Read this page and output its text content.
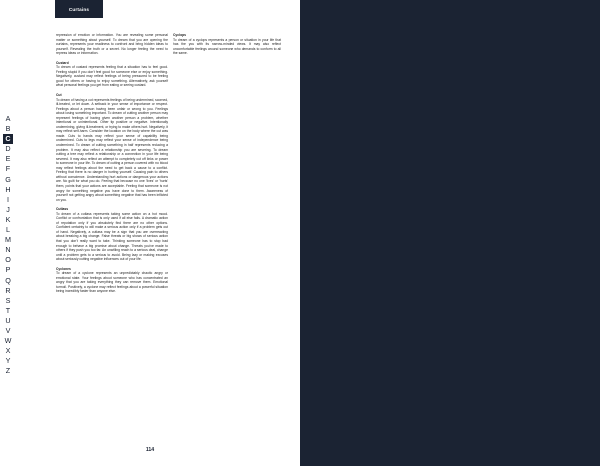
Curtains
A
B
C
D
E
F
G
H
I
J
K
L
M
N
O
P
Q
R
S
T
U
V
W
X
Y
Z

repression of emotion or information. You are revealing some personal matter or something about yourself. To dream that you are opening the curtains, represents your readiness to confront and bring hidden ideas to yourself. Revealing the truth or a secret. No longer feeling the need to repress ideas or information.

Custard
To dream of custard represents feeling that a situation has to feel good. Feeling stupid if you don't feel good for someone else or enjoy something. Negatively, custard may reflect feelings of being pressured to be feeling good for others or having to enjoy something. Alternatively, ask yourself what personal feelings you get from eating or seeing custard.
Cut
To dream of having a cut represents feelings of being undermined, scorned, ill-treated, or let down. A setback in your sense of importance or respect. Feelings about a person having been unfair or wrong to you. Feelings about losing something important. To dream of cutting another person may represent feelings of having given another person a problem, whether intentional or unintentional. Other tip positive or negative. Intentionally undermining, giving ill-treatment, or trying to make others hurt. Negatively, it may reflect self-harm. Consider the location on the body where the cut was made. Cuts to hands may reflect your sense of capability being undermined. Cuts to legs may reflect your sense of independence being undermined. To dream of cutting something in half represents reducing a problem. It may also reflect a relationship you are severing. To dream cutting a tree may reflect a relationship or a connection in your life being severed. It may also reflect an attempt to completely cut off links or power to someone in your life. To dream of cutting a person covered with no blood may reflect feelings about the need to get back a cause to a conflict. Feeling that there is no danger in hurting yourself. Causing pain to others without conscience. Understanding hurt actions or dangerous your actions are. No guilt for what you do. Feeling that because no one 'lives' or 'hurts' them, points that your actions are acceptable. Feeling that someone is not angry for something negative you have done to them. Awareness of yourself not getting angry about something negative that has been inflicted on you.
Cutlass
To dream of a cutlass represents taking some action on a hot mood. Conflict or confrontation that is only used if all else fails. A dramatic action of reputation only if you absolutely find there are no other options. Confident certainty to will make a serious action only if a problem gets out of hand. Negatively, a cutlass may be a sign that you are overreacting about breaking a big change. False threats or big shows of serious action that you don't really want to take. Thinking someone has to stop bad enough to behave a big promise about change. Threats you've made to others if they push you too far. An unwilling reach to a serious deal, change until a problem gets to a serious to avoid. Being lazy or making excuses about seriously cutting negative influences out of your life.
Cyclones
To dream of a cyclone represents an unpredictably chaotic angry or emotional state. Your feelings about someone who has concentrated an angry that you are taking everything they can remove them. Emotional turmoil. Positively, a cyclone may reflect feelings about a powerful situation being incredibly faster than anyone else.
Cyclops
To dream of a cyclops represents a person or situation in your life that has the you with its narrow-minded views. It may also reflect uncomfortable feelings around someone who demands to conform to all the same.
114
